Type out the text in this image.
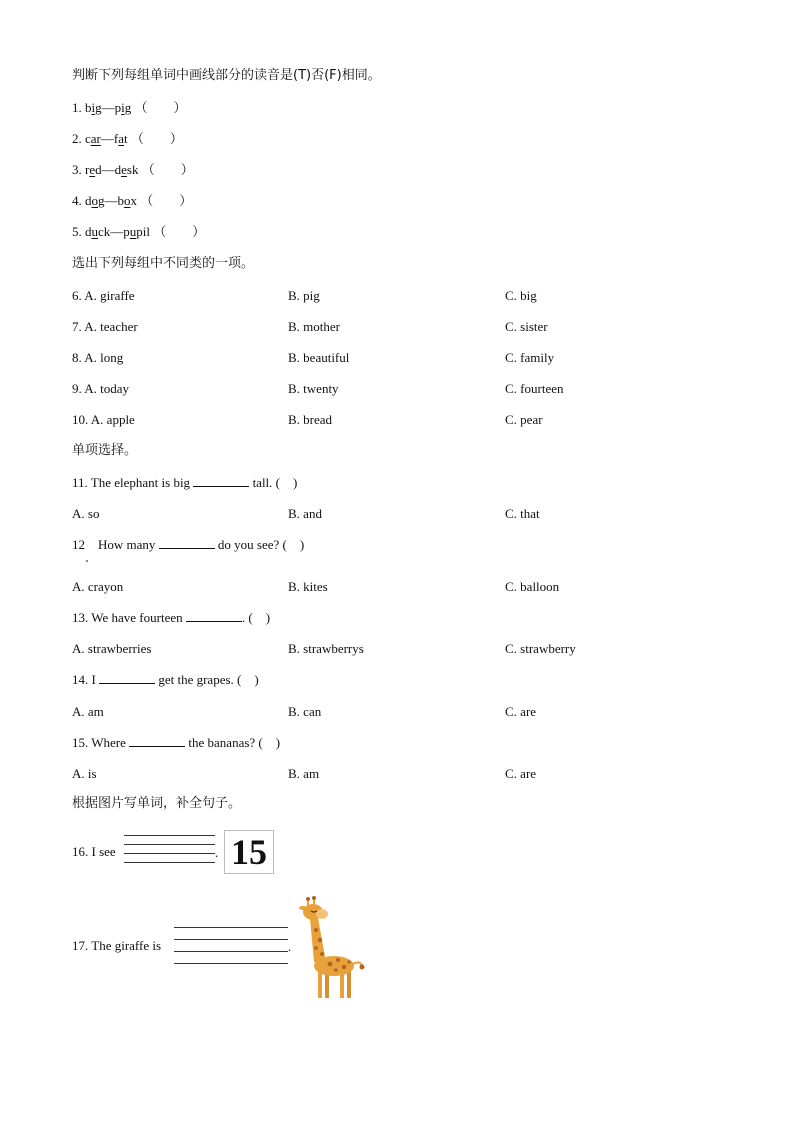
判断下列每组单词中画线部分的读音是(T)否(F)相同。
1. big—pig （　　）
2. car—fat （　　）
3. red—desk （　　）
4. dog—box （　　）
5. duck—pupil （　　）
选出下列每组中不同类的一项。
6. A. giraffe	B. pig	C. big
7. A. teacher	B. mother	C. sister
8. A. long	B. beautiful	C. family
9. A. today	B. twenty	C. fourteen
10. A. apple	B. bread	C. pear
单项选择。
11. The elephant is big	tall. (　)
A. so	B. and	C. that
12　How many	do you see? (　)
A. crayon	B. kites	C. balloon
13. We have fourteen	. (　)
A. strawberries	B. strawberrys	C. strawberry
14. I	get the grapes. (　)
A. am	B. can	C. are
15. Where	the bananas? (　)
A. is	B. am	C. are
根据图片写单词，补全句子。
16. I see	. 15
17. The giraffe is	.
